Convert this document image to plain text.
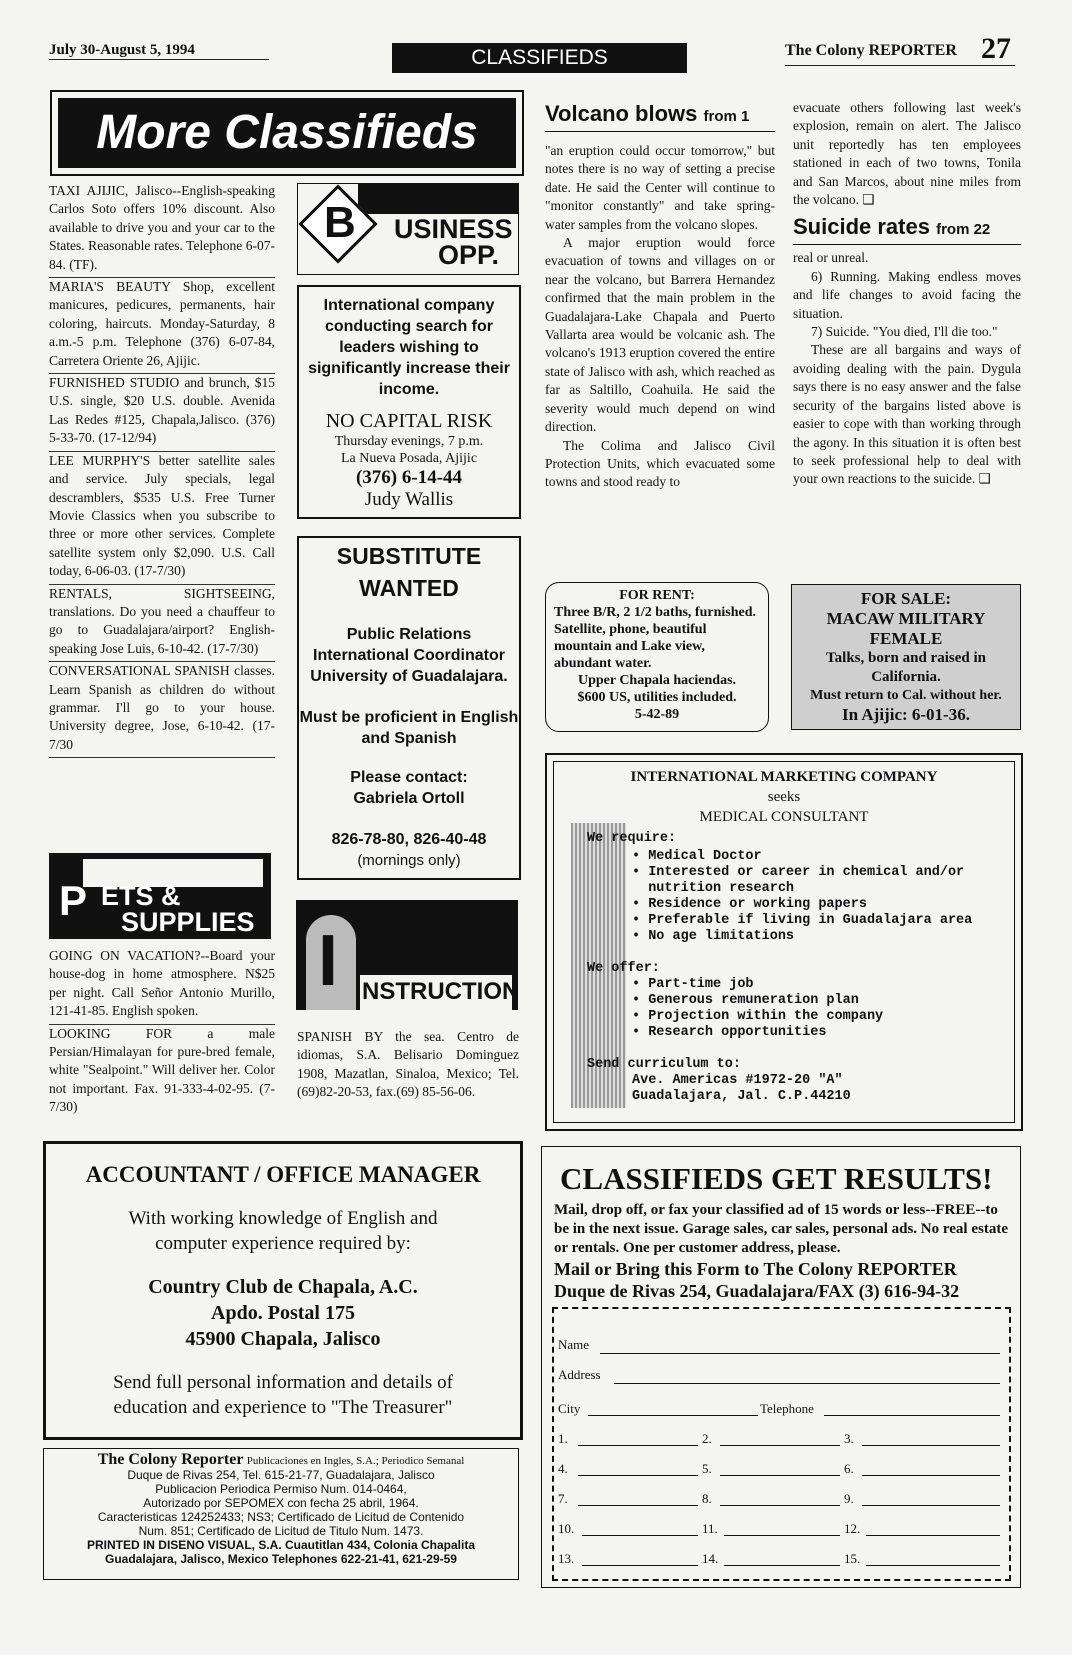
July 30-August 5, 1994	CLASSIFIEDS	The Colony REPORTER 27
More Classifieds

TAXI AJIJIC, Jalisco--English-speaking Carlos Soto offers 10% discount. Also available to drive you and your car to the States. Reasonable rates. Telephone 6-07-84. (TF).

MARIA'S BEAUTY Shop, excellent manicures, pedicures, permanents, hair coloring, haircuts. Monday-Saturday, 8 a.m.-5 p.m. Telephone (376) 6-07-84, Carretera Oriente 26, Ajijic.

FURNISHED STUDIO and brunch, $15 U.S. single, $20 U.S. double. Avenida Las Redes #125, Chapala,Jalisco. (376) 5-33-70. (17-12/94)

LEE MURPHY'S better satellite sales and service. July specials, legal descramblers, $535 U.S. Free Turner Movie Classics when you subscribe to three or more other services. Complete satellite system only $2,090. U.S. Call today, 6-06-03. (17-7/30)

RENTALS, SIGHTSEEING, translations. Do you need a chauffeur to go to Guadalajara/airport? English-speaking Jose Luis, 6-10-42. (17-7/30)

CONVERSATIONAL SPANISH classes. Learn Spanish as children do without grammar. I'll go to your house. University degree, Jose, 6-10-42. (17-7/30

P ETS &
SUPPLIES

GOING ON VACATION?--Board your house-dog in home atmosphere. N$25 per night. Call Señor Antonio Murillo, 121-41-85. English spoken.

LOOKING FOR a male Persian/Himalayan for pure-bred female, white "Sealpoint." Will deliver her. Color not important. Fax. 91-333-4-02-95. (7-7/30)

B USINESS
OPP.
International company conducting search for leaders wishing to significantly increase their income.
NO CAPITAL RISK
Thursday evenings, 7 p.m.
La Nueva Posada, Ajijic
(376) 6-14-44
Judy Wallis
SUBSTITUTE
WANTED
Public Relations
International Coordinator
University of Guadalajara.
Must be proficient in English and Spanish
Please contact:
Gabriela Ortoll
826-78-80, 826-40-48
(mornings only)
I NSTRUCTION
SPANISH BY the sea. Centro de idiomas, S.A. Belisario Dominguez 1908, Mazatlan, Sinaloa, Mexico; Tel. (69)82-20-53, fax.(69) 85-56-06.
Volcano blows from 1

"an eruption could occur tomorrow," but notes there is no way of setting a precise date. He said the Center will continue to "monitor constantly" and take spring-water samples from the volcano slopes.

A major eruption would force evacuation of towns and villages on or near the volcano, but Barrera Hernandez confirmed that the main problem in the Guadalajara-Lake Chapala and Puerto Vallarta area would be volcanic ash. The volcano's 1913 eruption covered the entire state of Jalisco with ash, which reached as far as Saltillo, Coahuila. He said the severity would much depend on wind direction.

The Colima and Jalisco Civil Protection Units, which evacuated some towns and stood ready to

evacuate others following last week's explosion, remain on alert. The Jalisco unit reportedly has ten employees stationed in each of two towns, Tonila and San Marcos, about nine miles from the volcano. ❑

Suicide rates from 22

real or unreal.

6) Running. Making endless moves and life changes to avoid facing the situation.

7) Suicide. "You died, I'll die too."

These are all bargains and ways of avoiding dealing with the pain. Dygula says there is no easy answer and the false security of the bargains listed above is easier to cope with than working through the agony. In this situation it is often best to seek professional help to deal with your own reactions to the suicide. ❑

FOR RENT:
Three B/R, 2 1/2 baths, furnished. Satellite, phone, beautiful mountain and Lake view, abundant water.
Upper Chapala haciendas.
$600 US, utilities included.
5-42-89
FOR SALE:
MACAW MILITARY
FEMALE
Talks, born and raised in California.
Must return to Cal. without her.
In Ajijic: 6-01-36.
INTERNATIONAL MARKETING COMPANY
seeks
MEDICAL CONSULTANT
We require:
• Medical Doctor
• Interested or career in chemical and/or
nutrition research
• Residence or working papers
• Preferable if living in Guadalajara area
• No age limitations
We offer:
• Part-time job
• Generous remuneration plan
• Projection within the company
• Research opportunities
Send curriculum to:
Ave. Americas #1972-20 "A"
Guadalajara, Jal. C.P.44210
ACCOUNTANT / OFFICE MANAGER
With working knowledge of English and computer experience required by:
Country Club de Chapala, A.C.
Apdo. Postal 175
45900 Chapala, Jalisco
Send full personal information and details of education and experience to "The Treasurer"
The Colony Reporter Publicaciones en Ingles, S.A.; Periodico Semanal
Duque de Rivas 254, Tel. 615-21-77, Guadalajara, Jalisco
Publicacion Periodica Permiso Num. 014-0464,
Autorizado por SEPOMEX con fecha 25 abril, 1964.
Caracteristicas 124252433; NS3; Certificado de Licitud de Contenido
Num. 851; Certificado de Licitud de Titulo Num. 1473.
PRINTED IN DISENO VISUAL, S.A. Cuautitlan 434, Colonia Chapalita
Guadalajara, Jalisco, Mexico Telephones 622-21-41, 621-29-59
CLASSIFIEDS GET RESULTS!
Mail, drop off, or fax your classified ad of 15 words or less--FREE--to be in the next issue. Garage sales, car sales, personal ads. No real estate or rentals. One per customer address, please.
Mail or Bring this Form to The Colony REPORTER
Duque de Rivas 254, Guadalajara/FAX (3) 616-94-32
Name
Address
City	Telephone
1.	2.	3.
4.	5.	6.
7.	8.	9.
10.	11.	12.
13.	14.	15.
